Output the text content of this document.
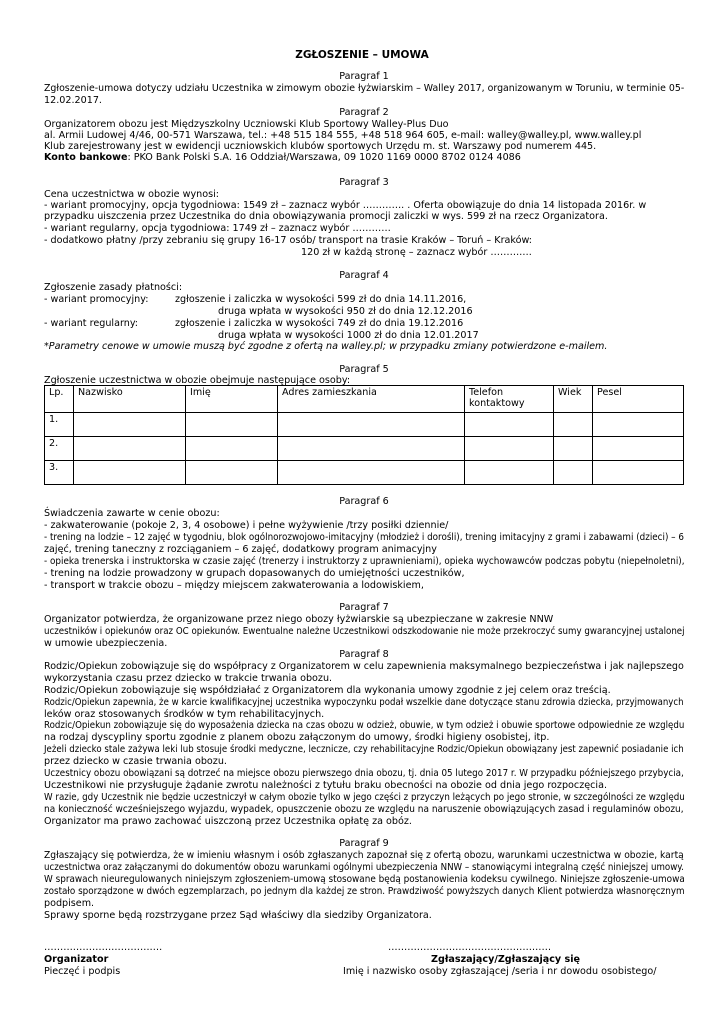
ZGŁOSZENIE – UMOWA
Paragraf 1
Zgłoszenie-umowa dotyczy udziału Uczestnika w zimowym obozie łyżwiarskim – Walley 2017, organizowanym w Toruniu, w terminie 05-
12.02.2017.
Paragraf 2
Organizatorem obozu jest Międzyszkolny Uczniowski Klub Sportowy Walley-Plus Duo
al. Armii Ludowej 4/46, 00-571 Warszawa, tel.: +48 515 184 555, +48 518 964 605, e-mail: walley@walley.pl, www.walley.pl
Klub zarejestrowany jest w ewidencji uczniowskich klubów sportowych Urzędu m. st. Warszawy pod numerem 445.
Konto bankowe: PKO Bank Polski S.A. 16 Oddział/Warszawa, 09 1020 1169 0000 8702 0124 4086
Paragraf 3
Cena uczestnictwa w obozie wynosi:
- wariant promocyjny, opcja tygodniowa: 1549 zł – zaznacz wybór …………. . Oferta obowiązuje do dnia 14 listopada 2016r. w
przypadku uiszczenia przez Uczestnika do dnia obowiązywania promocji zaliczki w wys. 599 zł na rzecz Organizatora.
- wariant regularny, opcja tygodniowa: 1749 zł – zaznacz wybór …………
- dodatkowo płatny /przy zebraniu się grupy 16-17 osób/ transport na trasie Kraków – Toruń – Kraków:
120 zł w każdą stronę – zaznacz wybór ………….
Paragraf 4
Zgłoszenie zasady płatności:
- wariant promocyjny:	zgłoszenie i zaliczka w wysokości 599 zł do dnia 14.11.2016,
druga wpłata w wysokości 950 zł do dnia 12.12.2016
- wariant regularny:	zgłoszenie i zaliczka w wysokości 749 zł do dnia 19.12.2016
druga wpłata w wysokości 1000 zł do dnia 12.01.2017
*Parametry cenowe w umowie muszą być zgodne z ofertą na walley.pl; w przypadku zmiany potwierdzone e-mailem.
Paragraf 5
Zgłoszenie uczestnictwa w obozie obejmuje następujące osoby:
Lp.	Nazwisko	Imię	Adres zamieszkania	Telefon kontaktowy	Wiek	Pesel
1.						
2.						
3.						
Paragraf 6
Świadczenia zawarte w cenie obozu:
- zakwaterowanie (pokoje 2, 3, 4 osobowe) i pełne wyżywienie /trzy posiłki dziennie/
- trening na lodzie – 12 zajęć w tygodniu, blok ogólnorozwojowo-imitacyjny (młodzież i dorośli), trening imitacyjny z grami i zabawami (dzieci) – 6
zajęć, trening taneczny z rozciąganiem – 6 zajęć, dodatkowy program animacyjny
- opieka trenerska i instruktorska w czasie zajęć (trenerzy i instruktorzy z uprawnieniami), opieka wychowawców podczas pobytu (niepełnoletni),
- trening na lodzie prowadzony w grupach dopasowanych do umiejętności uczestników,
- transport w trakcie obozu – między miejscem zakwaterowania a lodowiskiem,
Paragraf 7
Organizator potwierdza, że organizowane przez niego obozy łyżwiarskie są ubezpieczane w zakresie NNW
uczestników i opiekunów oraz OC opiekunów. Ewentualne należne Uczestnikowi odszkodowanie nie może przekroczyć sumy gwarancyjnej ustalonej
w umowie ubezpieczenia.
Paragraf 8
Rodzic/Opiekun zobowiązuje się do współpracy z Organizatorem w celu zapewnienia maksymalnego bezpieczeństwa i jak najlepszego
wykorzystania czasu przez dziecko w trakcie trwania obozu.
Rodzic/Opiekun zobowiązuje się współdziałać z Organizatorem dla wykonania umowy zgodnie z jej celem oraz treścią.
Rodzic/Opiekun zapewnia, że w karcie kwalifikacyjnej uczestnika wypoczynku podał wszelkie dane dotyczące stanu zdrowia dziecka, przyjmowanych
leków oraz stosowanych środków w tym rehabilitacyjnych.
Rodzic/Opiekun zobowiązuje się do wyposażenia dziecka na czas obozu w odzież, obuwie, w tym odzież i obuwie sportowe odpowiednie ze względu
na rodzaj dyscypliny sportu zgodnie z planem obozu załączonym do umowy, środki higieny osobistej, itp.
Jeżeli dziecko stale zażywa leki lub stosuje środki medyczne, lecznicze, czy rehabilitacyjne Rodzic/Opiekun obowiązany jest zapewnić posiadanie ich
przez dziecko w czasie trwania obozu.
Uczestnicy obozu obowiązani są dotrzeć na miejsce obozu pierwszego dnia obozu, tj. dnia 05 lutego 2017 r. W przypadku późniejszego przybycia,
Uczestnikowi nie przysługuje żądanie zwrotu należności z tytułu braku obecności na obozie od dnia jego rozpoczęcia.
W razie, gdy Uczestnik nie będzie uczestniczył w całym obozie tylko w jego części z przyczyn leżących po jego stronie, w szczególności ze względu
na konieczność wcześniejszego wyjazdu, wypadek, opuszczenie obozu ze względu na naruszenie obowiązujących zasad i regulaminów obozu,
Organizator ma prawo zachować uiszczoną przez Uczestnika opłatę za obóz.
Paragraf 9
Zgłaszający się potwierdza, że w imieniu własnym i osób zgłaszanych zapoznał się z ofertą obozu, warunkami uczestnictwa w obozie, kartą
uczestnictwa oraz załączanymi do dokumentów obozu warunkami ogólnymi ubezpieczenia NNW – stanowiącymi integralną część niniejszej umowy.
W sprawach nieuregulowanych niniejszym zgłoszeniem-umową stosowane będą postanowienia kodeksu cywilnego. Niniejsze zgłoszenie-umowa
zostało sporządzone w dwóch egzemplarzach, po jednym dla każdej ze stron. Prawdziwość powyższych danych Klient potwierdza własnoręcznym
podpisem.
Sprawy sporne będą rozstrzygane przez Sąd właściwy dla siedziby Organizatora.
……………………………….
Organizator
Pieczęć i podpis
……………………………………………
Zgłaszający/Zgłaszający się
Imię i nazwisko osoby zgłaszającej /seria i nr dowodu osobistego/
